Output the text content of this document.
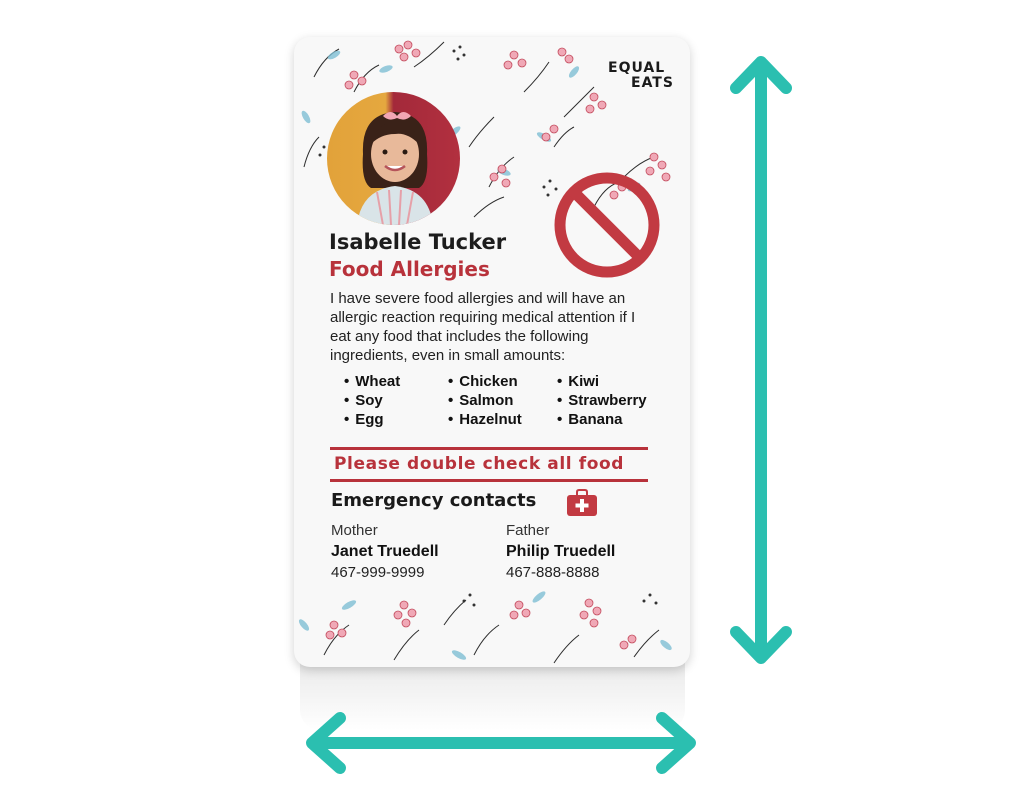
EQUAL
EATS
Isabelle Tucker
Food Allergies
I have severe food allergies and will have an allergic reaction requiring medical attention if I eat any food that includes the following ingredients, even in small amounts:
• Wheat
• Soy
• Egg
• Chicken
• Salmon
• Hazelnut
• Kiwi
• Strawberry
• Banana
Please double check all food
Emergency contacts
Mother
Janet Truedell
467-999-9999
Father
Philip Truedell
467-888-8888
